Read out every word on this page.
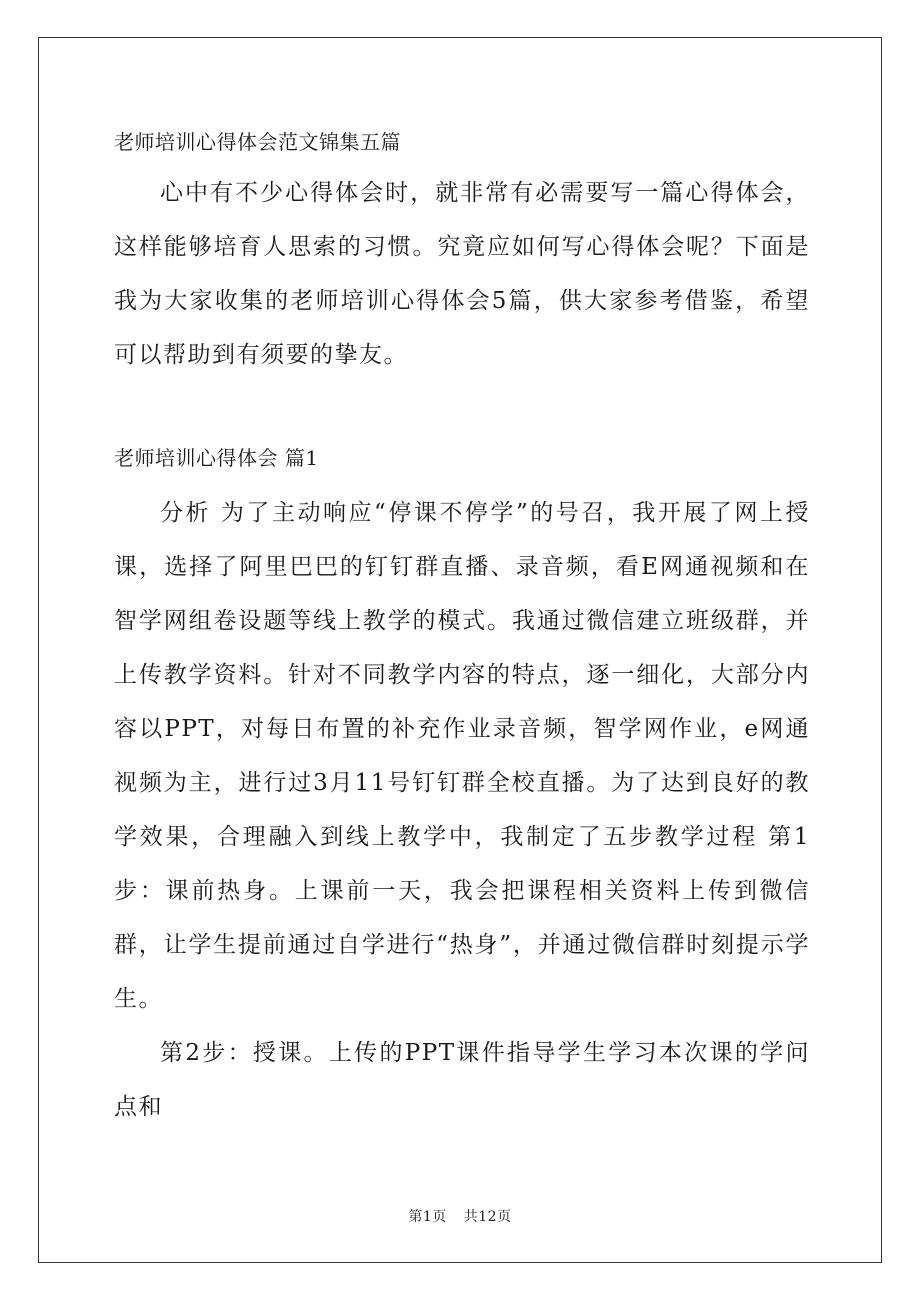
老师培训心得体会范文锦集五篇

心中有不少心得体会时，就非常有必需要写一篇心得体会，这样能够培育人思索的习惯。究竟应如何写心得体会呢？下面是我为大家收集的老师培训心得体会5篇，供大家参考借鉴，希望可以帮助到有须要的挚友。

老师培训心得体会 篇1

分析 为了主动响应“停课不停学”的号召，我开展了网上授课，选择了阿里巴巴的钉钉群直播、录音频，看E网通视频和在智学网组卷设题等线上教学的模式。我通过微信建立班级群，并上传教学资料。针对不同教学内容的特点，逐一细化，大部分内容以PPT，对每日布置的补充作业录音频，智学网作业，e网通视频为主，进行过3月11号钉钉群全校直播。为了达到良好的教学效果，合理融入到线上教学中，我制定了五步教学过程 第1步：课前热身。上课前一天，我会把课程相关资料上传到微信群，让学生提前通过自学进行“热身”，并通过微信群时刻提示学生。

第2步：授课。上传的PPT课件指导学生学习本次课的学问点和

第1页 共12页
